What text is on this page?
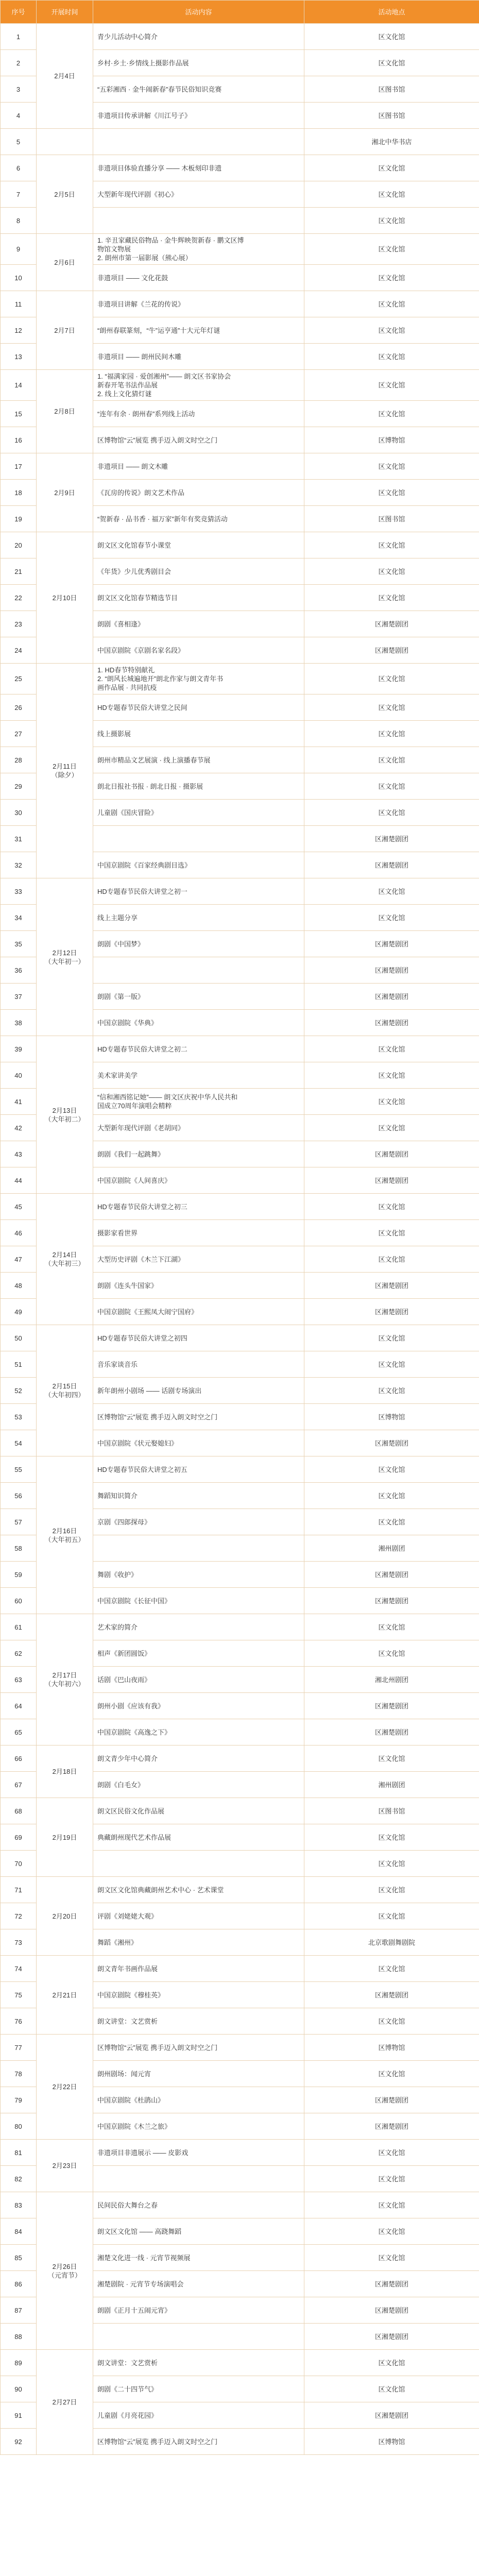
序号	开展时间	活动内容	活动地点
1	2月4日	青少儿活动中心简介	区文化馆
2		乡村·乡土·乡情线上摄影作品展	区文化馆
3		“五彩湘西 · 金牛闹新春”春节民俗知识竞赛	区图书馆
4		非遗项目传承讲解《川江号子》	区图书馆
5			湘北中华书店
6	2月5日	非遗项目体验直播分享 —— 木板刻印非遗	区文化馆
7		大型新年现代评剧《初心》	区文化馆
8			区文化馆
9	2月6日	1. 辛丑家藏民俗物品 · 金牛辉映贺新春 · 鹏文区博
物馆文物展
2. 朗州市第一届影展（熊心展）	区文化馆
10		非遗项目 —— 文化花鼓	区文化馆
11	2月7日	非遗项目讲解《兰花的传说》	区文化馆
12		“朗州春联篆刻，“牛”运亨通”十大元年灯谜	区文化馆
13		非遗项目 —— 朗州民间木雕	区文化馆
14	2月8日	1. “福满家园 · 爱创湘州”—— 朗文区书家协会
新春开笔书法作品展
2. 线上文化猜灯谜	区文化馆
15		“连年有余 · 朗州春”系列线上活动	区文化馆
16		区博物馆“云”展览 携手迈入朗文时空之门	区博物馆
17	2月9日	非遗项目 —— 朗文木雕	区文化馆
18		《瓦房的传说》朗文艺术作品	区文化馆
19		“贺新春 · 品书香 · 福万家”新年有奖竞猜活动	区图书馆
20	2月10日	朗文区文化馆春节小课堂	区文化馆
21		《年货》少儿优秀剧目会	区文化馆
22		朗文区文化馆春节精选节目	区文化馆
23		朗剧《喜相逢》	区湘楚剧团
24		中国京剧院《京剧名家名段》	区湘楚剧团
25	2月11日
（除夕）	1. HD春节特别献礼
2. “朗风长城遍地开”朗北作家与朗文青年书
画作品展 · 共同抗疫	区文化馆
26		HD专题春节民俗大讲堂之民间	区文化馆
27		线上摄影展	区文化馆
28		朗州市精品文艺展演 · 线上演播春节展	区文化馆
29		朗北日报社书报 · 朗北日报 · 摄影展	区文化馆
30		儿童剧《国庆冒险》	区文化馆
31			区湘楚剧团
32		中国京剧院《百家经典剧目选》	区湘楚剧团
33	2月12日
（大年初一）	HD专题春节民俗大讲堂之初一	区文化馆
34		线上主题分享	区文化馆
35		朗剧《中国梦》	区湘楚剧团
36			区湘楚剧团
37		朗剧《第一版》	区湘楚剧团
38		中国京剧院《华典》	区湘楚剧团
39	2月13日
（大年初二）	HD专题春节民俗大讲堂之初二	区文化馆
40		美术家讲美学	区文化馆
41		“信和湘西铭记她”—— 朗文区庆祝中华人民共和
国成立70周年演唱会精粹	区文化馆
42		大型新年现代评剧《老胡同》	区文化馆
43		朗剧《我们一起跳舞》	区湘楚剧团
44		中国京剧院《人间喜庆》	区湘楚剧团
45	2月14日
（大年初三）	HD专题春节民俗大讲堂之初三	区文化馆
46		摄影家看世界	区文化馆
47		大型历史评剧《木兰下江湖》	区文化馆
48		朗剧《连头牛国家》	区湘楚剧团
49		中国京剧院《王熙凤大闹宁国府》	区湘楚剧团
50	2月15日
（大年初四）	HD专题春节民俗大讲堂之初四	区文化馆
51		音乐家谈音乐	区文化馆
52		新年朗州小剧场 —— 话剧专场演出	区文化馆
53		区博物馆“云”展览 携手迈入朗文时空之门	区博物馆
54		中国京剧院《状元娶媳妇》	区湘楚剧团
55	2月16日
（大年初五）	HD专题春节民俗大讲堂之初五	区文化馆
56		舞蹈知识简介	区文化馆
57		京剧《四郎探母》	区文化馆
58			湘州剧团
59		舞剧《收护》	区湘楚剧团
60		中国京剧院《长征中国》	区湘楚剧团
61	2月17日
（大年初六）	艺术家的简介	区文化馆
62		相声《新团圆饭》	区文化馆
63		话剧《巴山夜雨》	湘北州剧团
64		朗州小剧《应该有我》	区湘楚剧团
65		中国京剧院《高逸之下》	区湘楚剧团
66	2月18日	朗文青少年中心简介	区文化馆
67		朗剧《白毛女》	湘州剧团
68	2月19日	朗文区民俗文化作品展	区图书馆
69		典藏朗州现代艺术作品展	区文化馆
70			区文化馆
71	2月20日	朗文区文化馆典藏朗州艺术中心 · 艺术课堂	区文化馆
72		评剧《刘姥姥大观》	区文化馆
73		舞蹈《湘州》	北京歌剧舞剧院
74	2月21日	朗文青年书画作品展	区文化馆
75		中国京剧院《穆桂英》	区湘楚剧团
76		朗文讲堂：文艺赏析	区文化馆
77	2月22日	区博物馆“云”展览 携手迈入朗文时空之门	区博物馆
78		朗州剧场：闻元宵	区文化馆
79		中国京剧院《杜鹃山》	区湘楚剧团
80		中国京剧院《木兰之旅》	区湘楚剧团
81	2月23日	非遗项目非遗展示 —— 皮影戏	区文化馆
82			区文化馆
83	2月26日
（元宵节）	民间民俗大舞台之春	区文化馆
84		朗文区文化馆 —— 高跷舞蹈	区文化馆
85		湘楚文化进一线 · 元宵节视频展	区文化馆
86		湘楚剧院 · 元宵节专场演唱会	区湘楚剧团
87		朗剧《正月十五闹元宵》	区湘楚剧团
88			区湘楚剧团
89	2月27日	朗文讲堂：文艺赏析	区文化馆
90		朗剧《二十四节气》	区文化馆
91		儿童剧《月亮花园》	区湘楚剧团
92		区博物馆“云”展览 携手迈入朗文时空之门	区博物馆
